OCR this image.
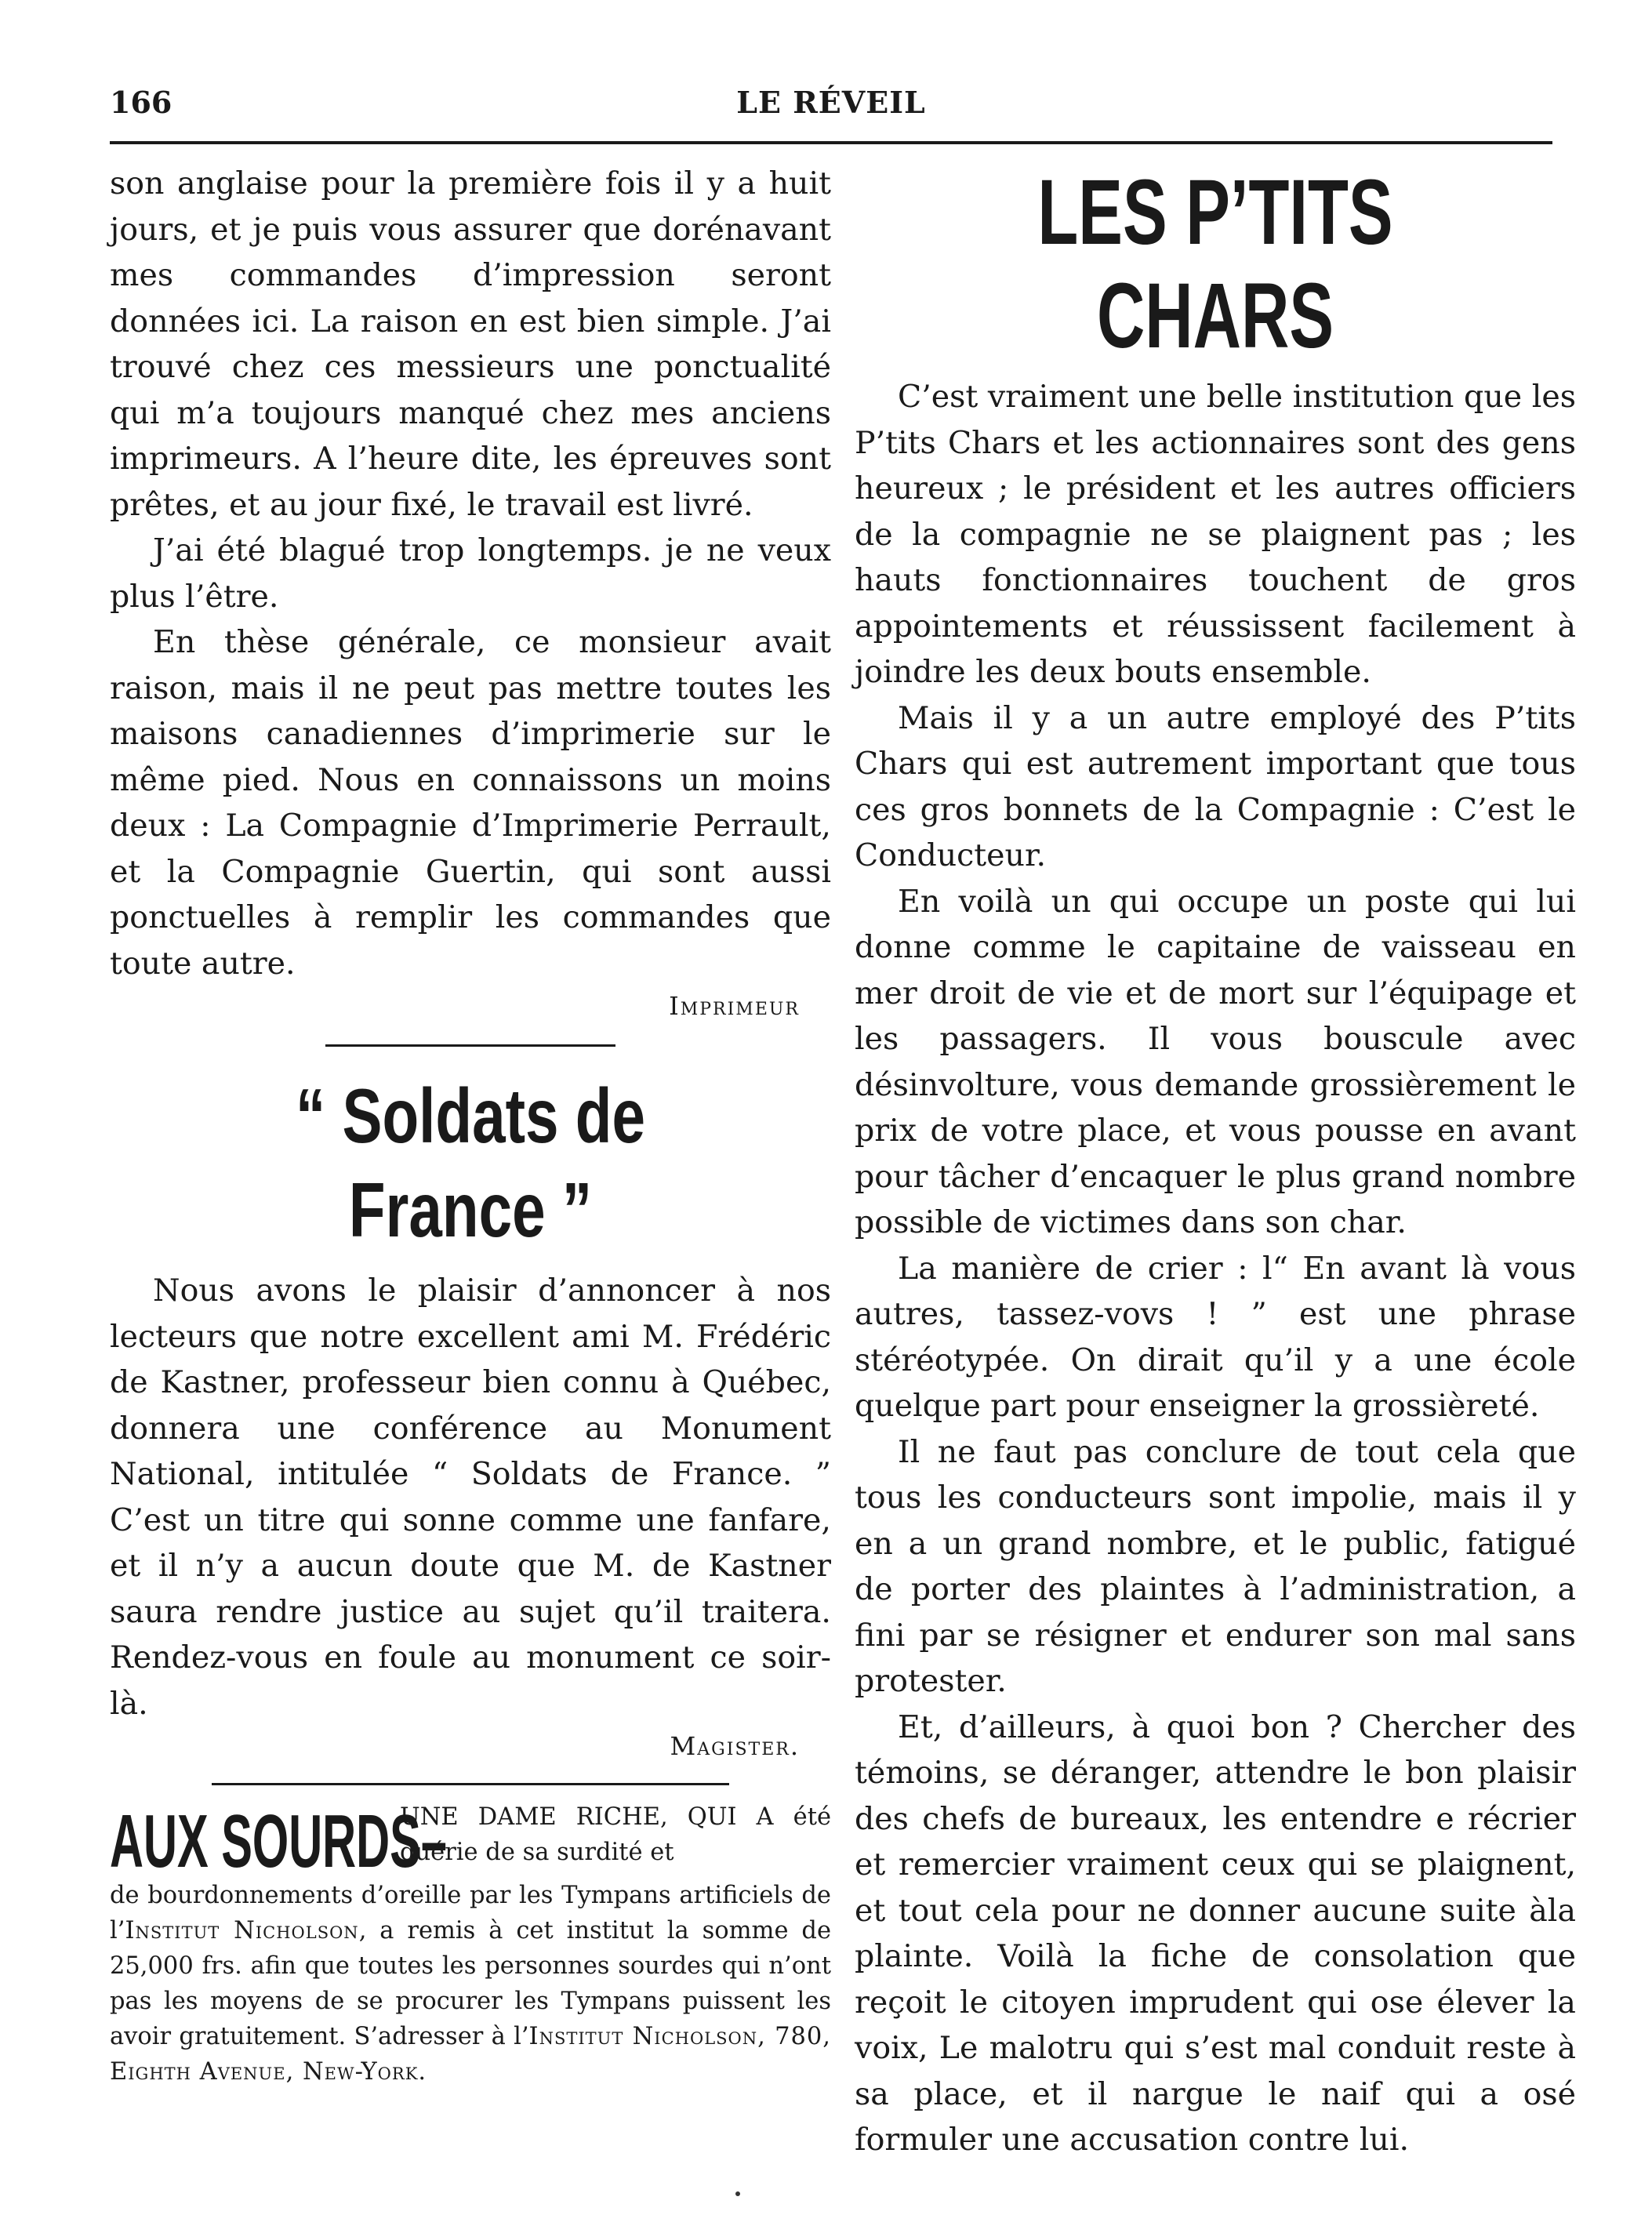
166	LE RÉVEIL

son anglaise pour la première fois il y a huit jours, et je puis vous assurer que dorénavant mes commandes d’impression seront données ici. La raison en est bien simple. J’ai trouvé chez ces messieurs une ponctualité qui m’a toujours manqué chez mes anciens imprimeurs. A l’heure dite, les épreuves sont prêtes, et au jour fixé, le travail est livré.

J’ai été blagué trop longtemps. je ne veux plus l’être.

En thèse générale, ce monsieur avait raison, mais il ne peut pas mettre toutes les maisons canadiennes d’imprimerie sur le même pied. Nous en connaissons un moins deux : La Compagnie d’Imprimerie Perrault, et la Compagnie Guertin, qui sont aussi ponctuelles à remplir les commandes que toute autre.

Imprimeur
“ Soldats de France ”

Nous avons le plaisir d’annoncer à nos lecteurs que notre excellent ami M. Frédéric de Kastner, professeur bien connu à Québec, donnera une conférence au Monument National, intitulée “ Soldats de France. ” C’est un titre qui sonne comme une fanfare, et il n’y a aucun doute que M. de Kastner saura rendre justice au sujet qu’il traitera. Rendez-vous en foule au monument ce soir-là.

Magister.
AUX SOURDS–
UNE DAME RICHE, QUI A été guérie de sa surdité et

de bourdonnements d’oreille par les Tympans artificiels de l’Institut Nicholson, a remis à cet institut la somme de 25,000 frs. afin que toutes les personnes sourdes qui n’ont pas les moyens de se procurer les Tympans puissent les avoir gratuitement. S’adresser à l’Institut Nicholson, 780, Eighth Avenue, New-York.

LES P’TITS CHARS

C’est vraiment une belle institution que les P’tits Chars et les actionnaires sont des gens heureux ; le président et les autres officiers de la compagnie ne se plaignent pas ; les hauts fonctionnaires touchent de gros appointements et réussissent facilement à joindre les deux bouts ensemble.

Mais il y a un autre employé des P’tits Chars qui est autrement important que tous ces gros bonnets de la Compagnie : C’est le Conducteur.

En voilà un qui occupe un poste qui lui donne comme le capitaine de vaisseau en mer droit de vie et de mort sur l’équipage et les passagers. Il vous bouscule avec désinvolture, vous demande grossièrement le prix de votre place, et vous pousse en avant pour tâcher d’encaquer le plus grand nombre possible de victimes dans son char.

La manière de crier : l“ En avant là vous autres, tassez-vovs ! ” est une phrase stéréotypée. On dirait qu’il y a une école quelque part pour enseigner la grossièreté.

Il ne faut pas conclure de tout cela que tous les conducteurs sont impolie, mais il y en a un grand nombre, et le public, fatigué de porter des plaintes à l’administration, a fini par se résigner et endurer son mal sans protester.

Et, d’ailleurs, à quoi bon ? Chercher des témoins, se déranger, attendre le bon plaisir des chefs de bureaux, les entendre e récrier et remercier vraiment ceux qui se plaignent, et tout cela pour ne donner aucune suite àla plainte. Voilà la fiche de consolation que reçoit le citoyen imprudent qui ose élever la voix, Le malotru qui s’est mal conduit reste à sa place, et il nargue le naif qui a osé formuler une accusation contre lui.
